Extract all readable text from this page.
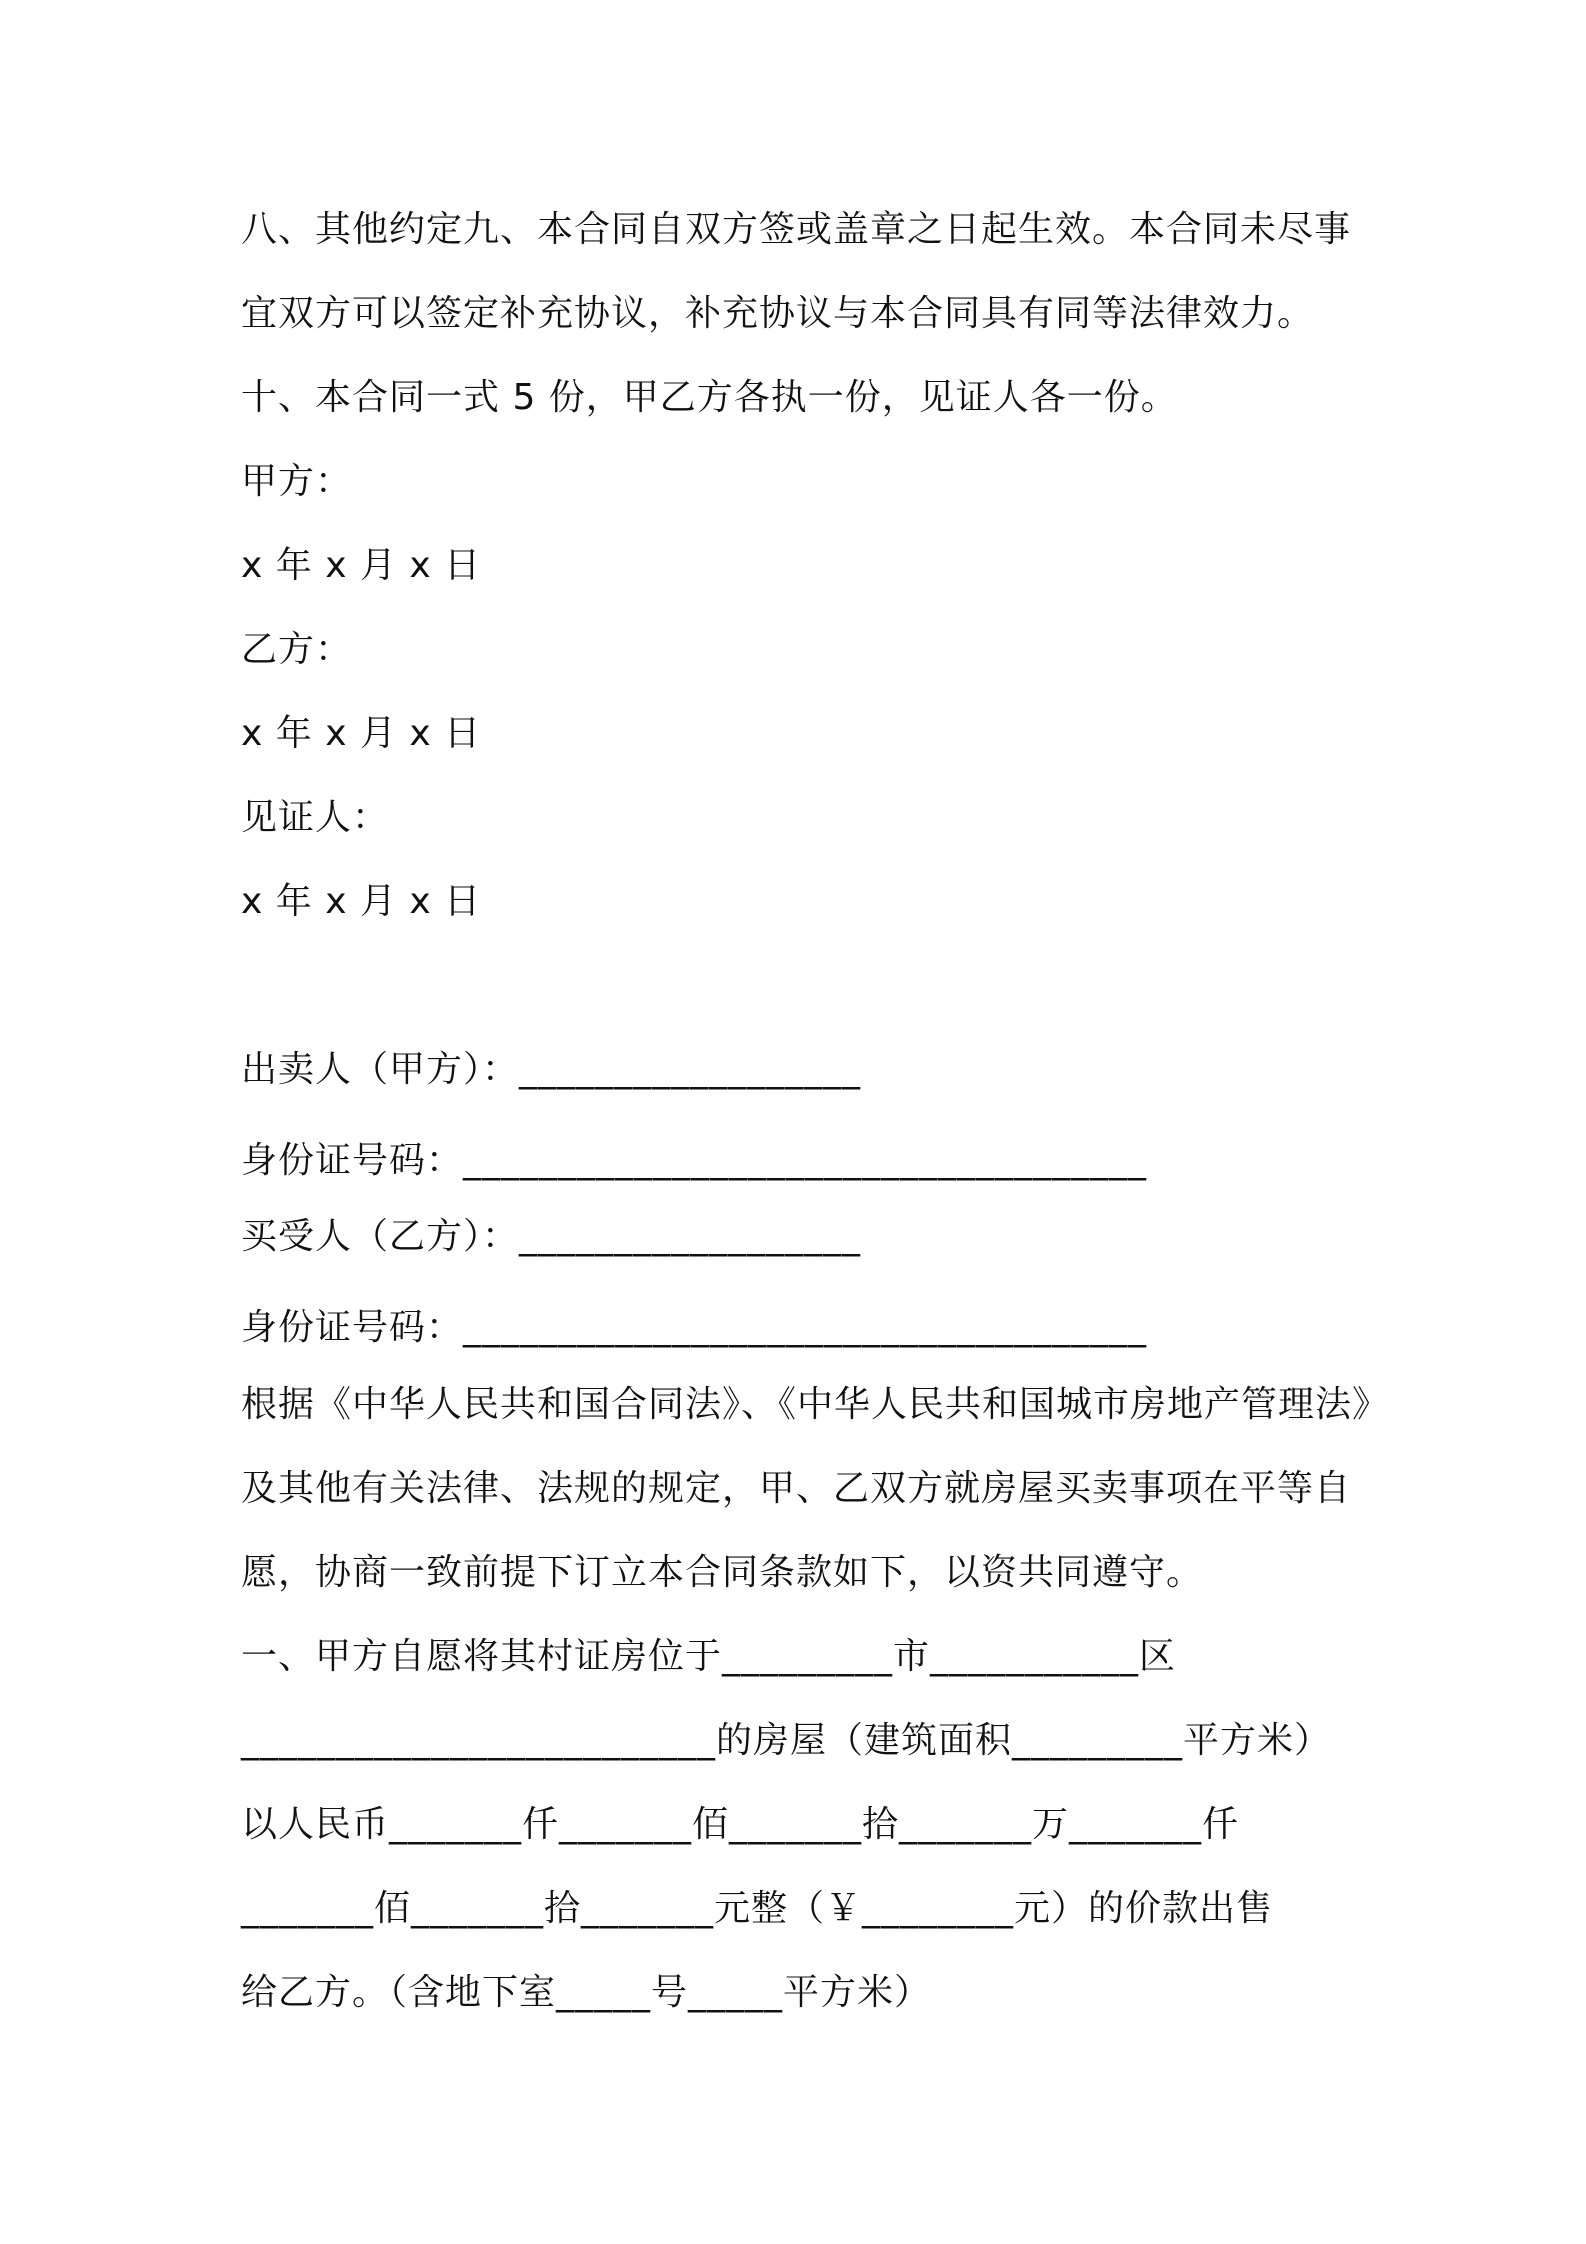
八、其他约定九、本合同自双方签或盖章之日起生效。本合同未尽事
宜双方可以签定补充协议，补充协议与本合同具有同等法律效力。
十、本合同一式 5 份，甲乙方各执一份，见证人各一份。
甲方：
x 年 x 月 x 日
乙方：
x 年 x 月 x 日
见证人：
x 年 x 月 x 日
出卖人（甲方）：__________________
身份证号码：____________________________________
买受人（乙方）：__________________
身份证号码：____________________________________
根据《中华人民共和国合同法》、《中华人民共和国城市房地产管理法》
及其他有关法律、法规的规定，甲、乙双方就房屋买卖事项在平等自
愿，协商一致前提下订立本合同条款如下，以资共同遵守。
一、甲方自愿将其村证房位于_________市___________区
_________________________的房屋（建筑面积_________平方米）
以人民币_______仟_______佰_______拾_______万_______仟
_______佰_______拾_______元整（￥________元）的价款出售
给乙方。（含地下室_____号_____平方米）
